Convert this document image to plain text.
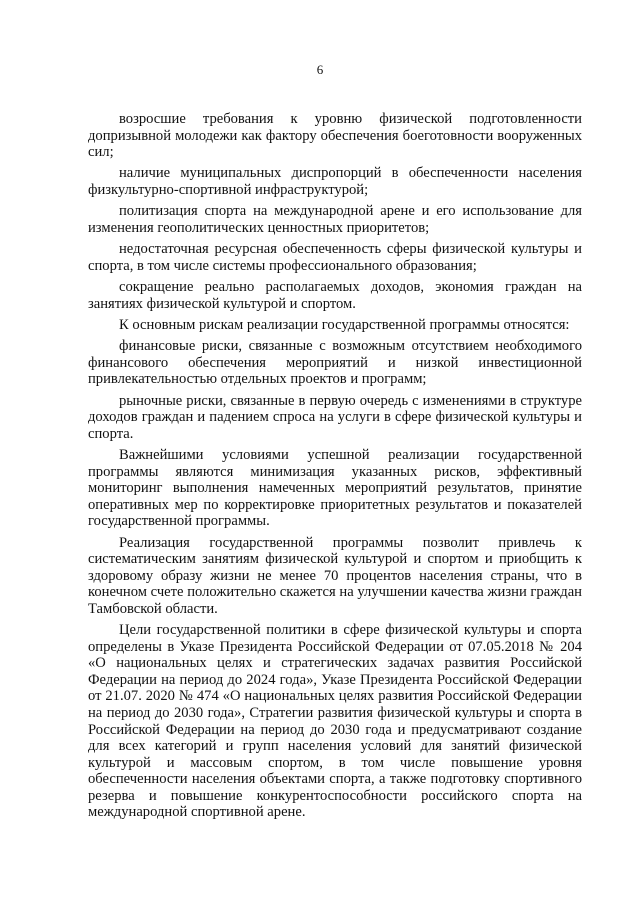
6

возросшие требования к уровню физической подготовленности допризывной молодежи как фактору обеспечения боеготовности вооруженных сил;

наличие муниципальных диспропорций в обеспеченности населения физкультурно-спортивной инфраструктурой;

политизация спорта на международной арене и его использование для изменения геополитических ценностных приоритетов;

недостаточная ресурсная обеспеченность сферы физической культуры и спорта, в том числе системы профессионального образования;

сокращение реально располагаемых доходов, экономия граждан на занятиях физической культурой и спортом.

К основным рискам реализации государственной программы относятся:

финансовые риски, связанные с возможным отсутствием необходимого финансового обеспечения мероприятий и низкой инвестиционной привлекательностью отдельных проектов и программ;

рыночные риски, связанные в первую очередь с изменениями в структуре доходов граждан и падением спроса на услуги в сфере физической культуры и спорта.

Важнейшими условиями успешной реализации государственной программы являются минимизация указанных рисков, эффективный мониторинг выполнения намеченных мероприятий результатов, принятие оперативных мер по корректировке приоритетных результатов и показателей государственной программы.

Реализация государственной программы позволит привлечь к систематическим занятиям физической культурой и спортом и приобщить к здоровому образу жизни не менее 70 процентов населения страны, что в конечном счете положительно скажется на улучшении качества жизни граждан Тамбовской области.

Цели государственной политики в сфере физической культуры и спорта определены в Указе Президента Российской Федерации от 07.05.2018 № 204 «О национальных целях и стратегических задачах развития Российской Федерации на период до 2024 года», Указе Президента Российской Федерации от 21.07. 2020 № 474 «О национальных целях развития Российской Федерации на период до 2030 года», Стратегии развития физической культуры и спорта в Российской Федерации на период до 2030 года и предусматривают создание для всех категорий и групп населения условий для занятий физической культурой и массовым спортом, в том числе повышение уровня обеспеченности населения объектами спорта, а также подготовку спортивного резерва и повышение конкурентоспособности российского спорта на международной спортивной арене.
